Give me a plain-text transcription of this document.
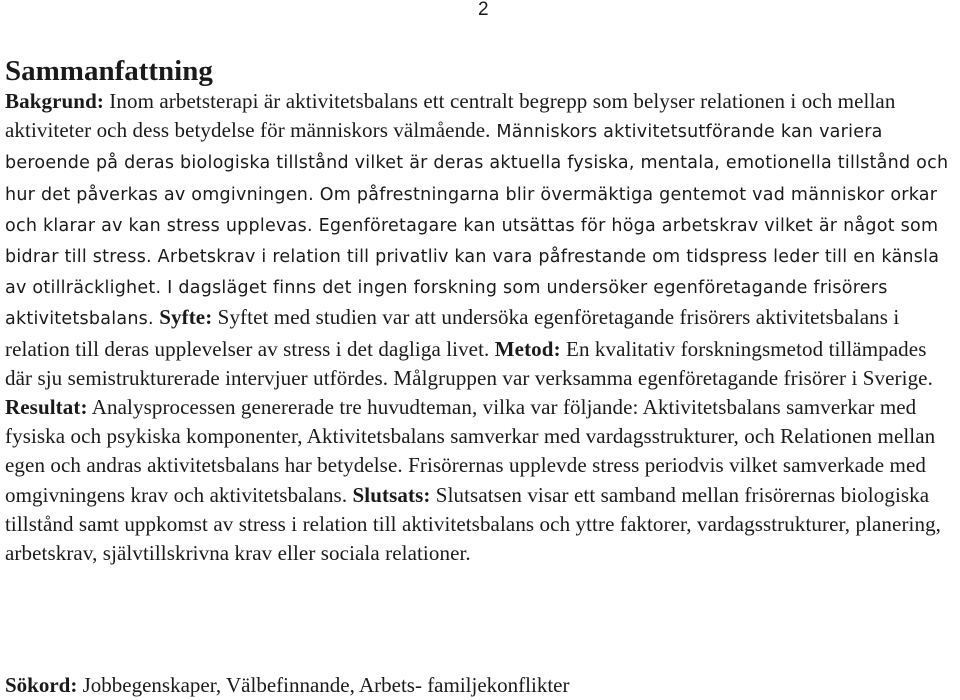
2
Sammanfattning

Bakgrund: Inom arbetsterapi är aktivitetsbalans ett centralt begrepp som belyser relationen i och mellan aktiviteter och dess betydelse för människors välmående. Människors aktivitetsutförande kan variera beroende på deras biologiska tillstånd vilket är deras aktuella fysiska, mentala, emotionella tillstånd och hur det påverkas av omgivningen. Om påfrestningarna blir övermäktiga gentemot vad människor orkar och klarar av kan stress upplevas. Egenföretagare kan utsättas för höga arbetskrav vilket är något som bidrar till stress. Arbetskrav i relation till privatliv kan vara påfrestande om tidspress leder till en känsla av otillräcklighet. I dagsläget finns det ingen forskning som undersöker egenföretagande frisörers aktivitetsbalans. Syfte: Syftet med studien var att undersöka egenföretagande frisörers aktivitetsbalans i relation till deras upplevelser av stress i det dagliga livet. Metod: En kvalitativ forskningsmetod tillämpades där sju semistrukturerade intervjuer utfördes. Målgruppen var verksamma egenföretagande frisörer i Sverige. Resultat: Analysprocessen genererade tre huvudteman, vilka var följande: Aktivitetsbalans samverkar med fysiska och psykiska komponenter, Aktivitetsbalans samverkar med vardagsstrukturer, och Relationen mellan egen och andras aktivitetsbalans har betydelse. Frisörernas upplevde stress periodvis vilket samverkade med omgivningens krav och aktivitetsbalans. Slutsats: Slutsatsen visar ett samband mellan frisörernas biologiska tillstånd samt uppkomst av stress i relation till aktivitetsbalans och yttre faktorer, vardagsstrukturer, planering, arbetskrav, självtillskrivna krav eller sociala relationer.

Sökord: Jobbegenskaper, Välbefinnande, Arbets- familjekonflikter
